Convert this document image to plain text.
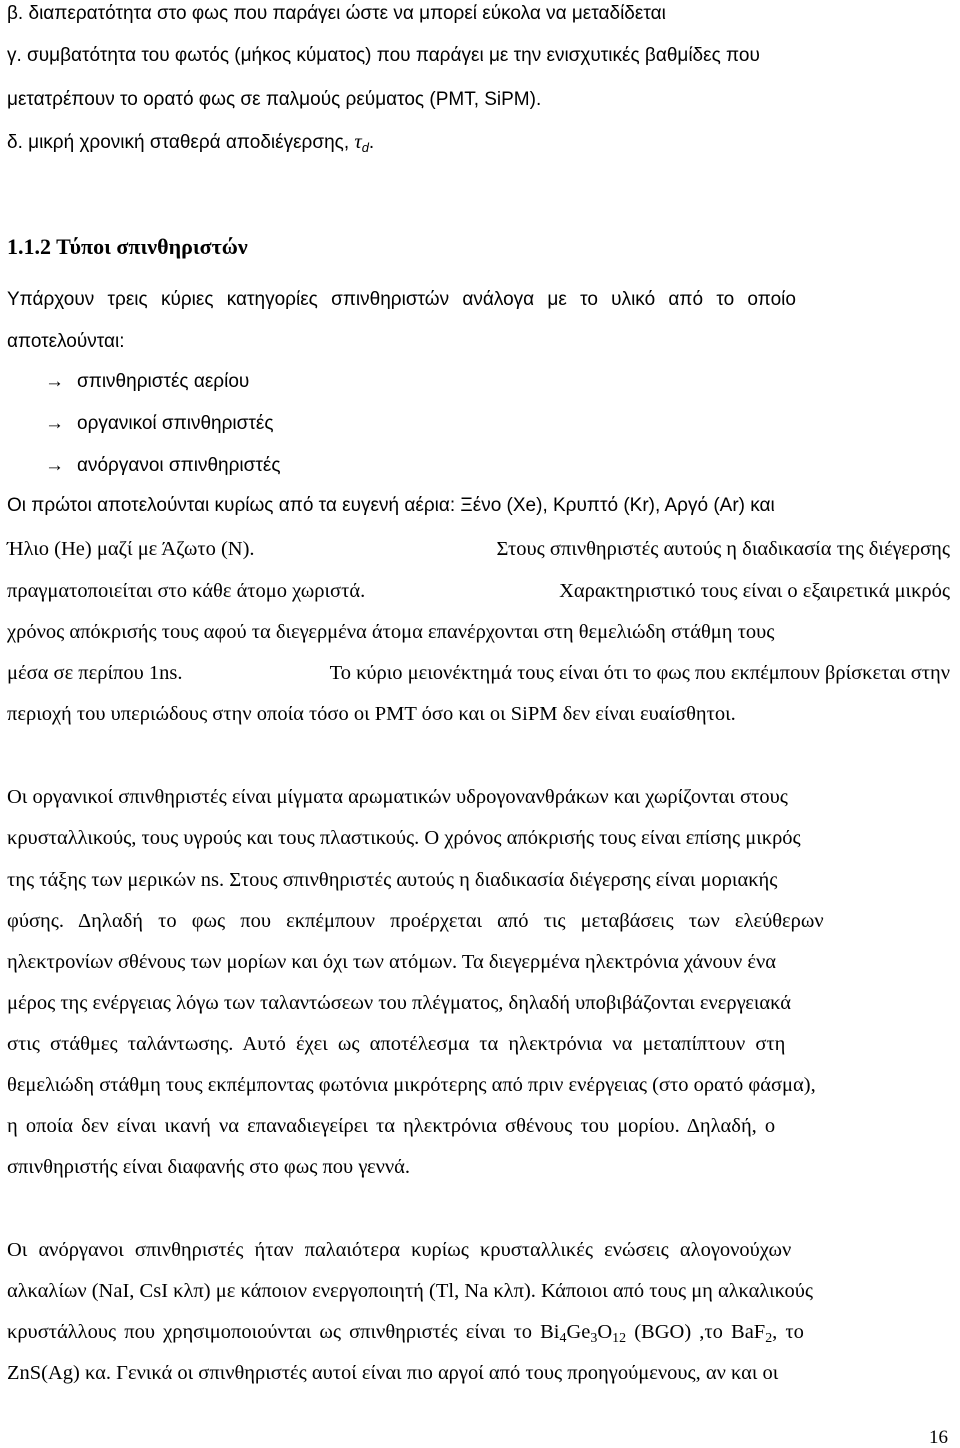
β. διαπερατότητα στο φως που παράγει ώστε να μπορεί εύκολα να μεταδίδεται
γ. συμβατότητα του φωτός (μήκος κύματος) που παράγει με την ενισχυτικές βαθμίδες που
μετατρέπουν το ορατό φως σε παλμούς ρεύματος (PMT, SiPM).
δ. μικρή χρονική σταθερά αποδιέγερσης, $\tau_d$.
1.1.2 Τύποι σπινθηριστών
Υπάρχουν τρεις κύριες κατηγορίες σπινθηριστών ανάλογα με το υλικό από το οποίο
αποτελούνται:
→ σπινθηριστές αερίου
→ οργανικοί σπινθηριστές
→ ανόργανοι σπινθηριστές
Οι πρώτοι αποτελούνται κυρίως από τα ευγενή αέρια: Ξένο (Xe), Κρυπτό (Kr), Αργό (Ar) και
Ήλιο (He) μαζί με Άζωτο (N).	Στους σπινθηριστές αυτούς η διαδικασία της διέγερσης
πραγματοποιείται στο κάθε άτομο χωριστά.	Χαρακτηριστικό τους είναι ο εξαιρετικά μικρός
χρόνος απόκρισής τους αφού τα διεγερμένα άτομα επανέρχονται στη θεμελιώδη στάθμη τους
μέσα σε περίπου 1ns.	Το κύριο μειονέκτημά τους είναι ότι το φως που εκπέμπουν βρίσκεται στην
περιοχή του υπεριώδους στην οποία τόσο οι PMT όσο και οι SiPM δεν είναι ευαίσθητοι.
Οι οργανικοί σπινθηριστές είναι μίγματα αρωματικών υδρογονανθράκων και χωρίζονται στους
κρυσταλλικούς, τους υγρούς και τους πλαστικούς. Ο χρόνος απόκρισής τους είναι επίσης μικρός
της τάξης των μερικών ns. Στους σπινθηριστές αυτούς η διαδικασία διέγερσης είναι μοριακής
φύσης. Δηλαδή το φως που εκπέμπουν προέρχεται από τις μεταβάσεις των ελεύθερων
ηλεκτρονίων σθένους των μορίων και όχι των ατόμων. Τα διεγερμένα ηλεκτρόνια χάνουν ένα
μέρος της ενέργειας λόγω των ταλαντώσεων του πλέγματος, δηλαδή υποβιβάζονται ενεργειακά
στις στάθμες ταλάντωσης. Αυτό έχει ως αποτέλεσμα τα ηλεκτρόνια να μεταπίπτουν στη
θεμελιώδη στάθμη τους εκπέμποντας φωτόνια μικρότερης από πριν ενέργειας (στο ορατό φάσμα),
η οποία δεν είναι ικανή να επαναδιεγείρει τα ηλεκτρόνια σθένους του μορίου. Δηλαδή, ο
σπινθηριστής είναι διαφανής στο φως που γεννά.
Οι ανόργανοι σπινθηριστές ήταν παλαιότερα κυρίως κρυσταλλικές ενώσεις αλογονούχων
αλκαλίων (NaI, CsI κλπ) με κάποιον ενεργοποιητή (Tl, Na κλπ). Κάποιοι από τους μη αλκαλικούς
κρυστάλλους που χρησιμοποιούνται ως σπινθηριστές είναι το $Bi_4Ge_3O_{12}$ (BGO) ,το BaF$_2$, το
ZnS(Ag) κα. Γενικά οι σπινθηριστές αυτοί είναι πιο αργοί από τους προηγούμενους, αν και οι
16
